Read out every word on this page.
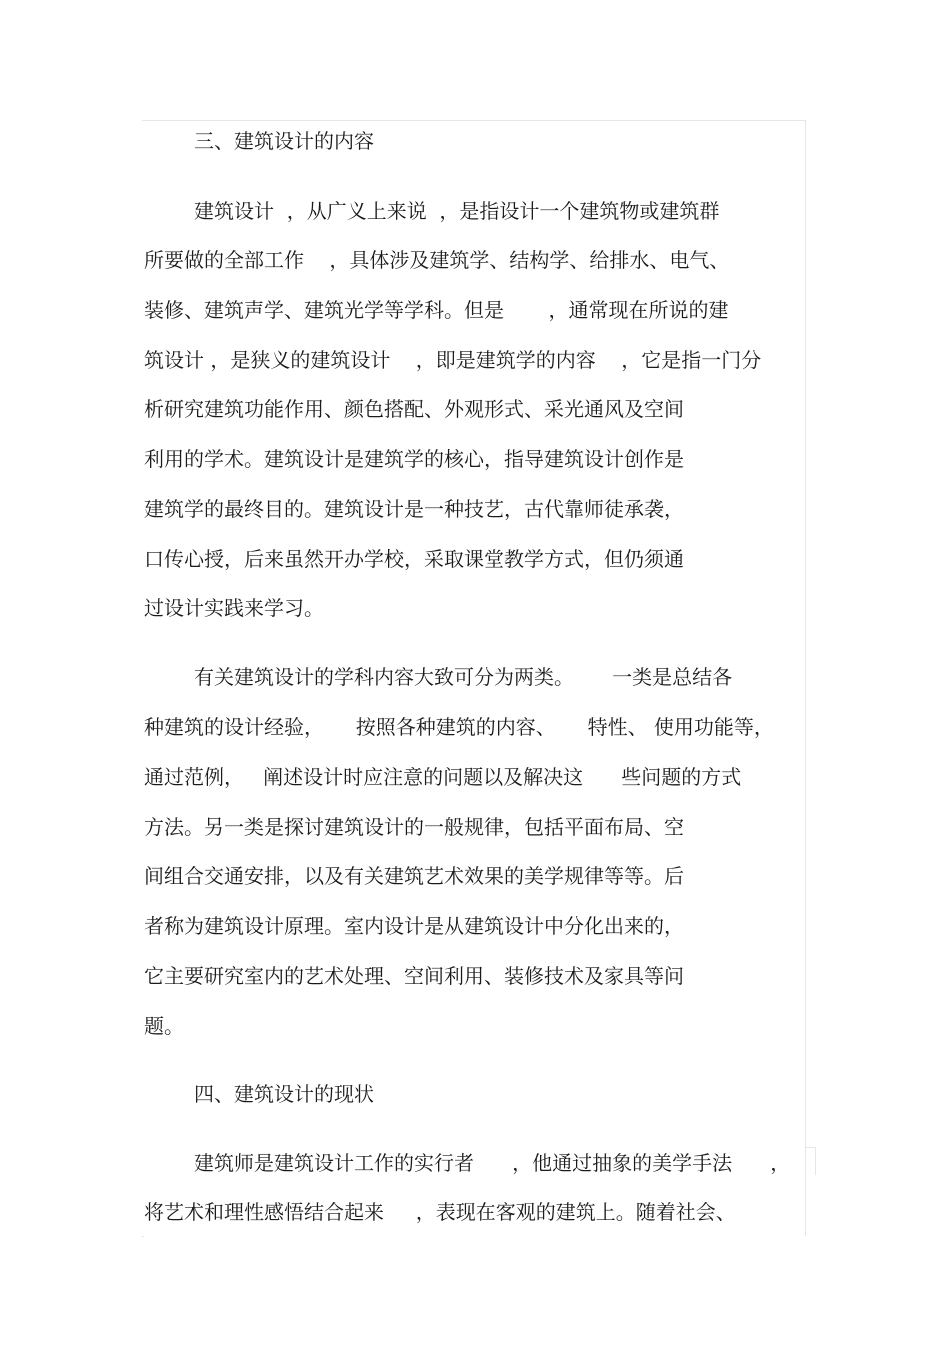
三、建筑设计的内容

建筑设计  ，从广义上来说  ，是指设计一个建筑物或建筑群

所要做的全部工作    ，具体涉及建筑学、结构学、给排水、电气、

装修、建筑声学、建筑光学等学科。但是       ，通常现在所说的建

筑设计 ，是狭义的建筑设计    ，即是建筑学的内容    ，它是指一门分

析研究建筑功能作用、颜色搭配、外观形式、采光通风及空间

利用的学术。建筑设计是建筑学的核心，指导建筑设计创作是

建筑学的最终目的。建筑设计是一种技艺，古代靠师徒承袭，

口传心授，后来虽然开办学校，采取课堂教学方式，但仍须通

过设计实践来学习。

有关建筑设计的学科内容大致可分为两类。      一类是总结各

种建筑的设计经验，     按照各种建筑的内容、     特性、 使用功能等，

通过范例，   阐述设计时应注意的问题以及解决这      些问题的方式

方法。另一类是探讨建筑设计的一般规律，包括平面布局、空

间组合交通安排，以及有关建筑艺术效果的美学规律等等。后

者称为建筑设计原理。室内设计是从建筑设计中分化出来的，

它主要研究室内的艺术处理、空间利用、装修技术及家具等问

题。

四、建筑设计的现状

建筑师是建筑设计工作的实行者      ，他通过抽象的美学手法      ，

将艺术和理性感悟结合起来     ，表现在客观的建筑上。随着社会、
